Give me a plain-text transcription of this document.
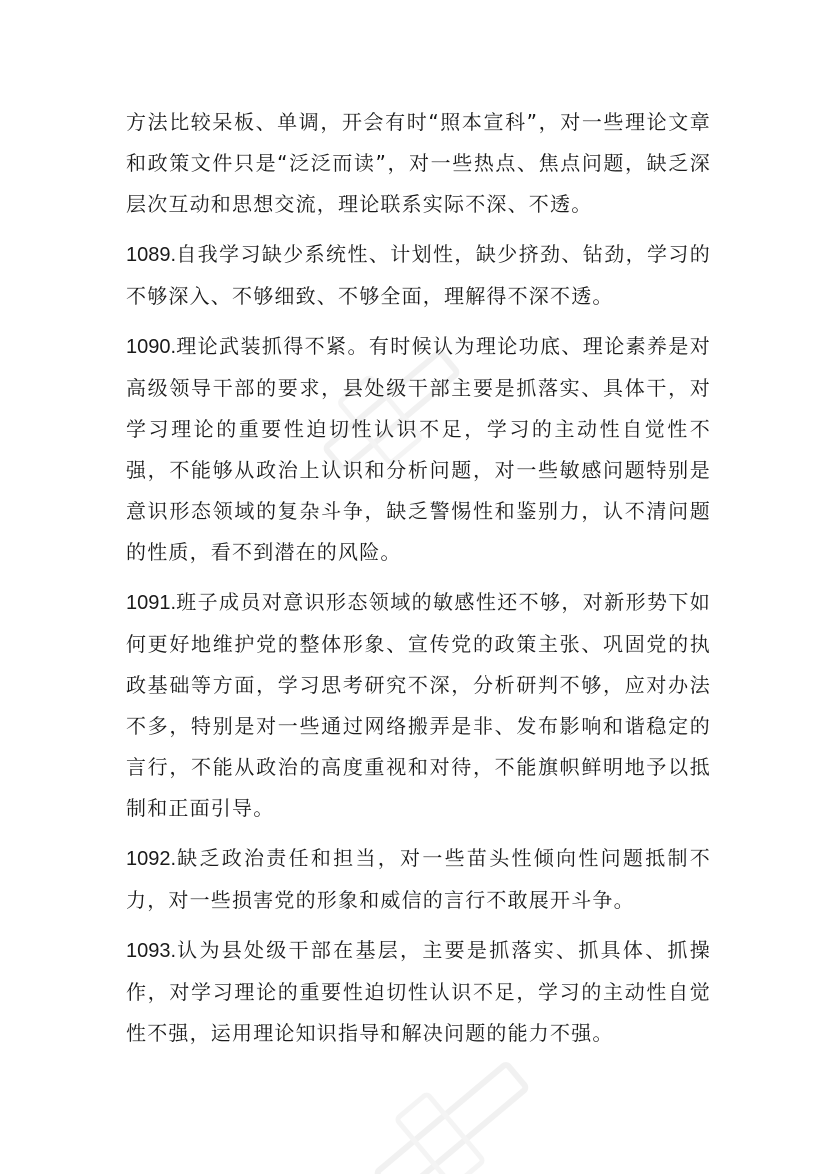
方法比较呆板、单调，开会有时“照本宣科”，对一些理论文章和政策文件只是“泛泛而读”，对一些热点、焦点问题，缺乏深层次互动和思想交流，理论联系实际不深、不透。

1089.自我学习缺少系统性、计划性，缺少挤劲、钻劲，学习的不够深入、不够细致、不够全面，理解得不深不透。

1090.理论武装抓得不紧。有时候认为理论功底、理论素养是对高级领导干部的要求，县处级干部主要是抓落实、具体干，对学习理论的重要性迫切性认识不足，学习的主动性自觉性不强，不能够从政治上认识和分析问题，对一些敏感问题特别是意识形态领域的复杂斗争，缺乏警惕性和鉴别力，认不清问题的性质，看不到潜在的风险。

1091.班子成员对意识形态领域的敏感性还不够，对新形势下如何更好地维护党的整体形象、宣传党的政策主张、巩固党的执政基础等方面，学习思考研究不深，分析研判不够，应对办法不多，特别是对一些通过网络搬弄是非、发布影响和谐稳定的言行，不能从政治的高度重视和对待，不能旗帜鲜明地予以抵制和正面引导。

1092.缺乏政治责任和担当，对一些苗头性倾向性问题抵制不力，对一些损害党的形象和威信的言行不敢展开斗争。

1093.认为县处级干部在基层，主要是抓落实、抓具体、抓操作，对学习理论的重要性迫切性认识不足，学习的主动性自觉性不强，运用理论知识指导和解决问题的能力不强。
